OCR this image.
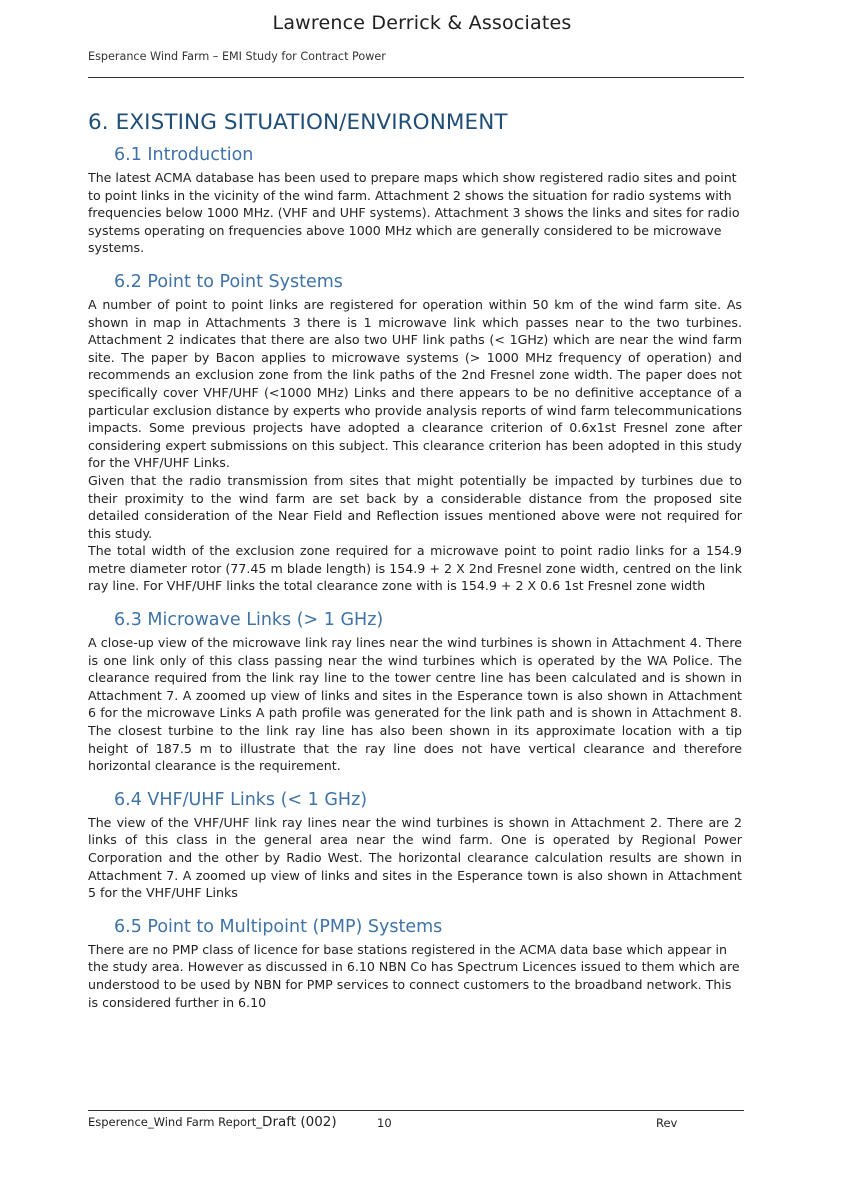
Lawrence Derrick & Associates
Esperance Wind Farm – EMI Study for Contract Power
6. EXISTING SITUATION/ENVIRONMENT
6.1 Introduction

The latest ACMA database has been used to prepare maps which show registered radio sites and point to point links in the vicinity of the wind farm. Attachment 2 shows the situation for radio systems with frequencies below 1000 MHz. (VHF and UHF systems). Attachment 3 shows the links and sites for radio systems operating on frequencies above 1000 MHz which are generally considered to be microwave systems.

6.2 Point to Point Systems

A number of point to point links are registered for operation within 50 km of the wind farm site. As shown in map in Attachments 3 there is 1 microwave link which passes near to the two turbines. Attachment 2 indicates that there are also two UHF link paths (< 1GHz) which are near the wind farm site. The paper by Bacon applies to microwave systems (> 1000 MHz frequency of operation) and recommends an exclusion zone from the link paths of the 2nd Fresnel zone width. The paper does not specifically cover VHF/UHF (<1000 MHz) Links and there appears to be no definitive acceptance of a particular exclusion distance by experts who provide analysis reports of wind farm telecommunications impacts. Some previous projects have adopted a clearance criterion of 0.6x1st Fresnel zone after considering expert submissions on this subject. This clearance criterion has been adopted in this study for the VHF/UHF Links.

Given that the radio transmission from sites that might potentially be impacted by turbines due to their proximity to the wind farm are set back by a considerable distance from the proposed site detailed consideration of the Near Field and Reflection issues mentioned above were not required for this study.

The total width of the exclusion zone required for a microwave point to point radio links for a 154.9 metre diameter rotor (77.45 m blade length) is 154.9 + 2 X 2nd Fresnel zone width, centred on the link ray line. For VHF/UHF links the total clearance zone with is 154.9 + 2 X 0.6 1st Fresnel zone width

6.3 Microwave Links (> 1 GHz)

A close-up view of the microwave link ray lines near the wind turbines is shown in Attachment 4. There is one link only of this class passing near the wind turbines which is operated by the WA Police. The clearance required from the link ray line to the tower centre line has been calculated and is shown in Attachment 7. A zoomed up view of links and sites in the Esperance town is also shown in Attachment 6 for the microwave Links A path profile was generated for the link path and is shown in Attachment 8. The closest turbine to the link ray line has also been shown in its approximate location with a tip height of 187.5 m to illustrate that the ray line does not have vertical clearance and therefore horizontal clearance is the requirement.

6.4 VHF/UHF Links (< 1 GHz)

The view of the VHF/UHF link ray lines near the wind turbines is shown in Attachment 2. There are 2 links of this class in the general area near the wind farm. One is operated by Regional Power Corporation and the other by Radio West. The horizontal clearance calculation results are shown in Attachment 7. A zoomed up view of links and sites in the Esperance town is also shown in Attachment 5 for the VHF/UHF Links

6.5 Point to Multipoint (PMP) Systems

There are no PMP class of licence for base stations registered in the ACMA data base which appear in the study area. However as discussed in 6.10 NBN Co has Spectrum Licences issued to them which are understood to be used by NBN for PMP services to connect customers to the broadband network. This is considered further in 6.10

Esperence_Wind Farm Report_Draft (002)	10	Rev
